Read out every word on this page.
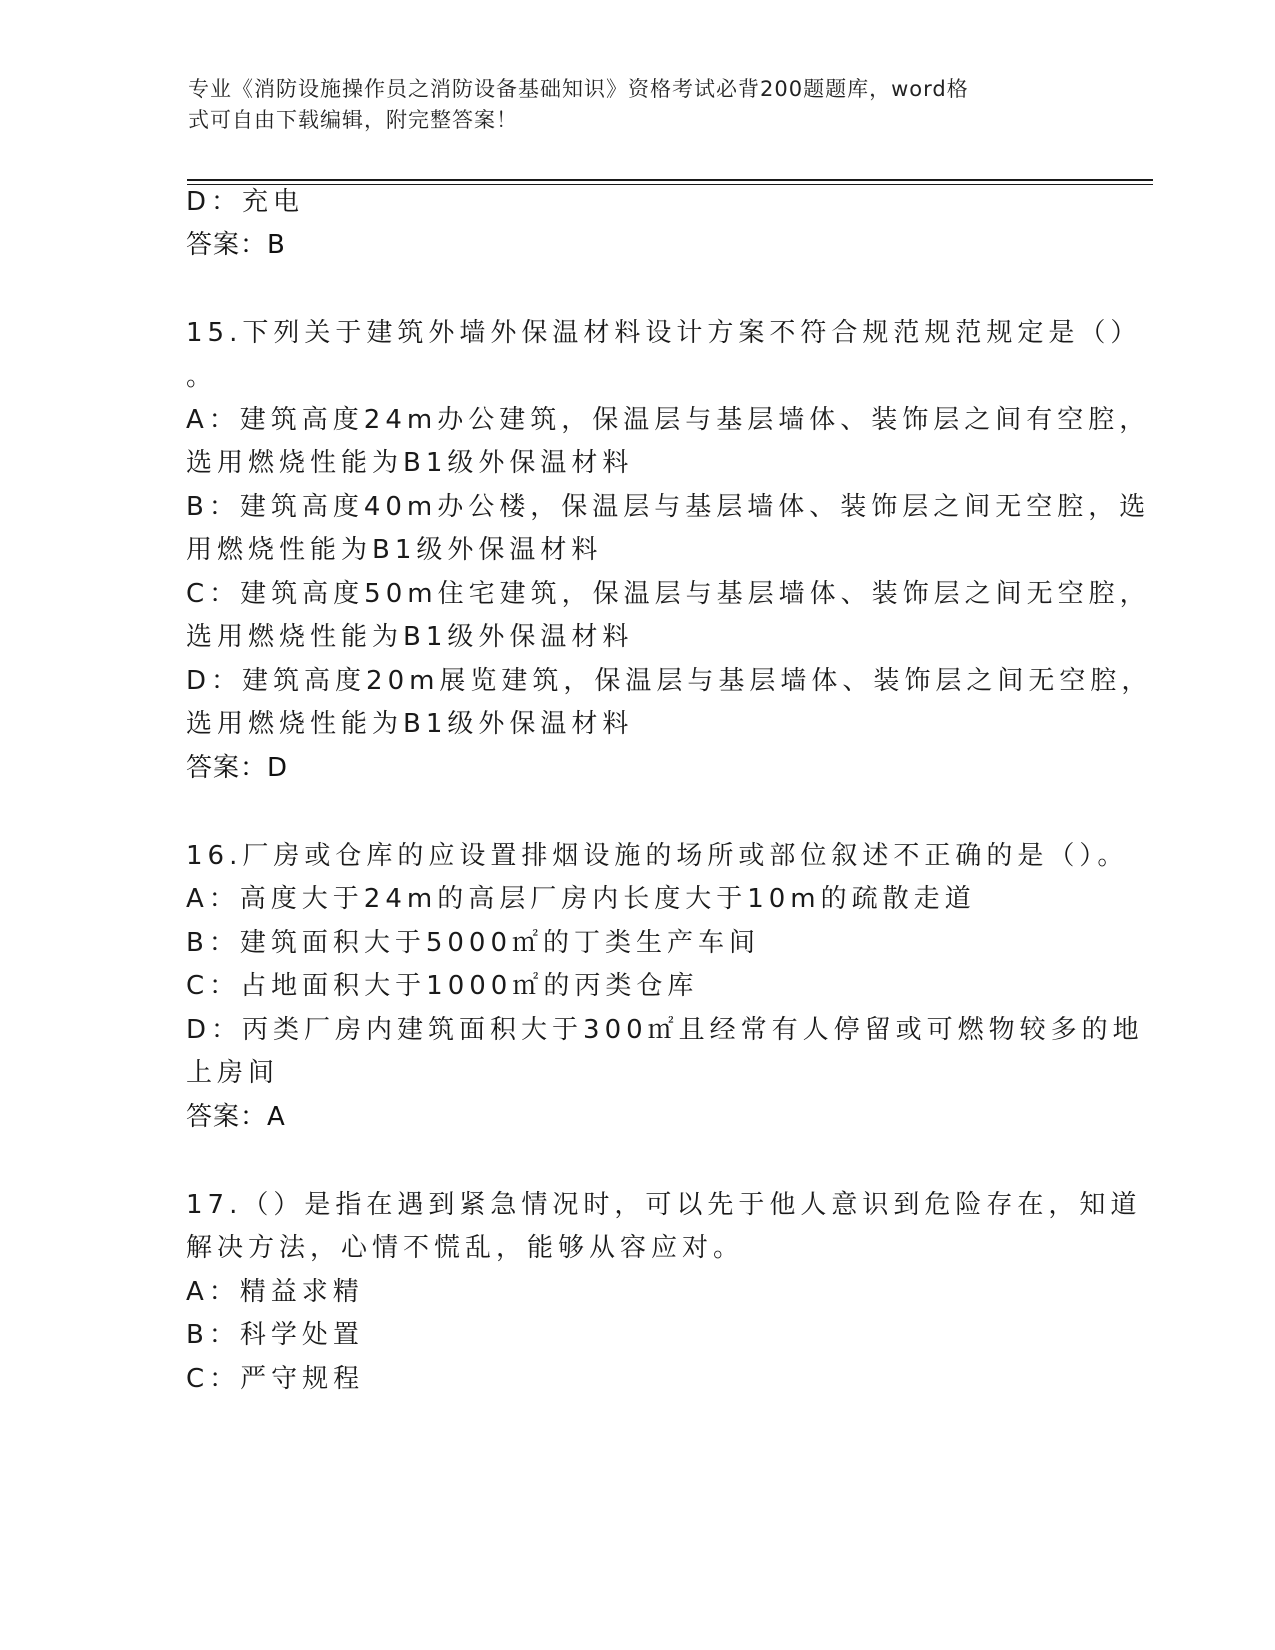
专业《消防设施操作员之消防设备基础知识》资格考试必背200题题库，word格
式可自由下载编辑，附完整答案！
D：充电
答案：B
15.下列关于建筑外墙外保温材料设计方案不符合规范规范规定是（）
。
A：建筑高度24m办公建筑，保温层与基层墙体、装饰层之间有空腔，
选用燃烧性能为B1级外保温材料
B：建筑高度40m办公楼，保温层与基层墙体、装饰层之间无空腔，选
用燃烧性能为B1级外保温材料
C：建筑高度50m住宅建筑，保温层与基层墙体、装饰层之间无空腔，
选用燃烧性能为B1级外保温材料
D：建筑高度20m展览建筑，保温层与基层墙体、装饰层之间无空腔，
选用燃烧性能为B1级外保温材料
答案：D
16.厂房或仓库的应设置排烟设施的场所或部位叙述不正确的是（）。
A：高度大于24m的高层厂房内长度大于10m的疏散走道
B：建筑面积大于5000㎡的丁类生产车间
C：占地面积大于1000㎡的丙类仓库
D：丙类厂房内建筑面积大于300㎡且经常有人停留或可燃物较多的地
上房间
答案：A
17.（）是指在遇到紧急情况时，可以先于他人意识到危险存在，知道
解决方法，心情不慌乱，能够从容应对。
A：精益求精
B：科学处置
C：严守规程
